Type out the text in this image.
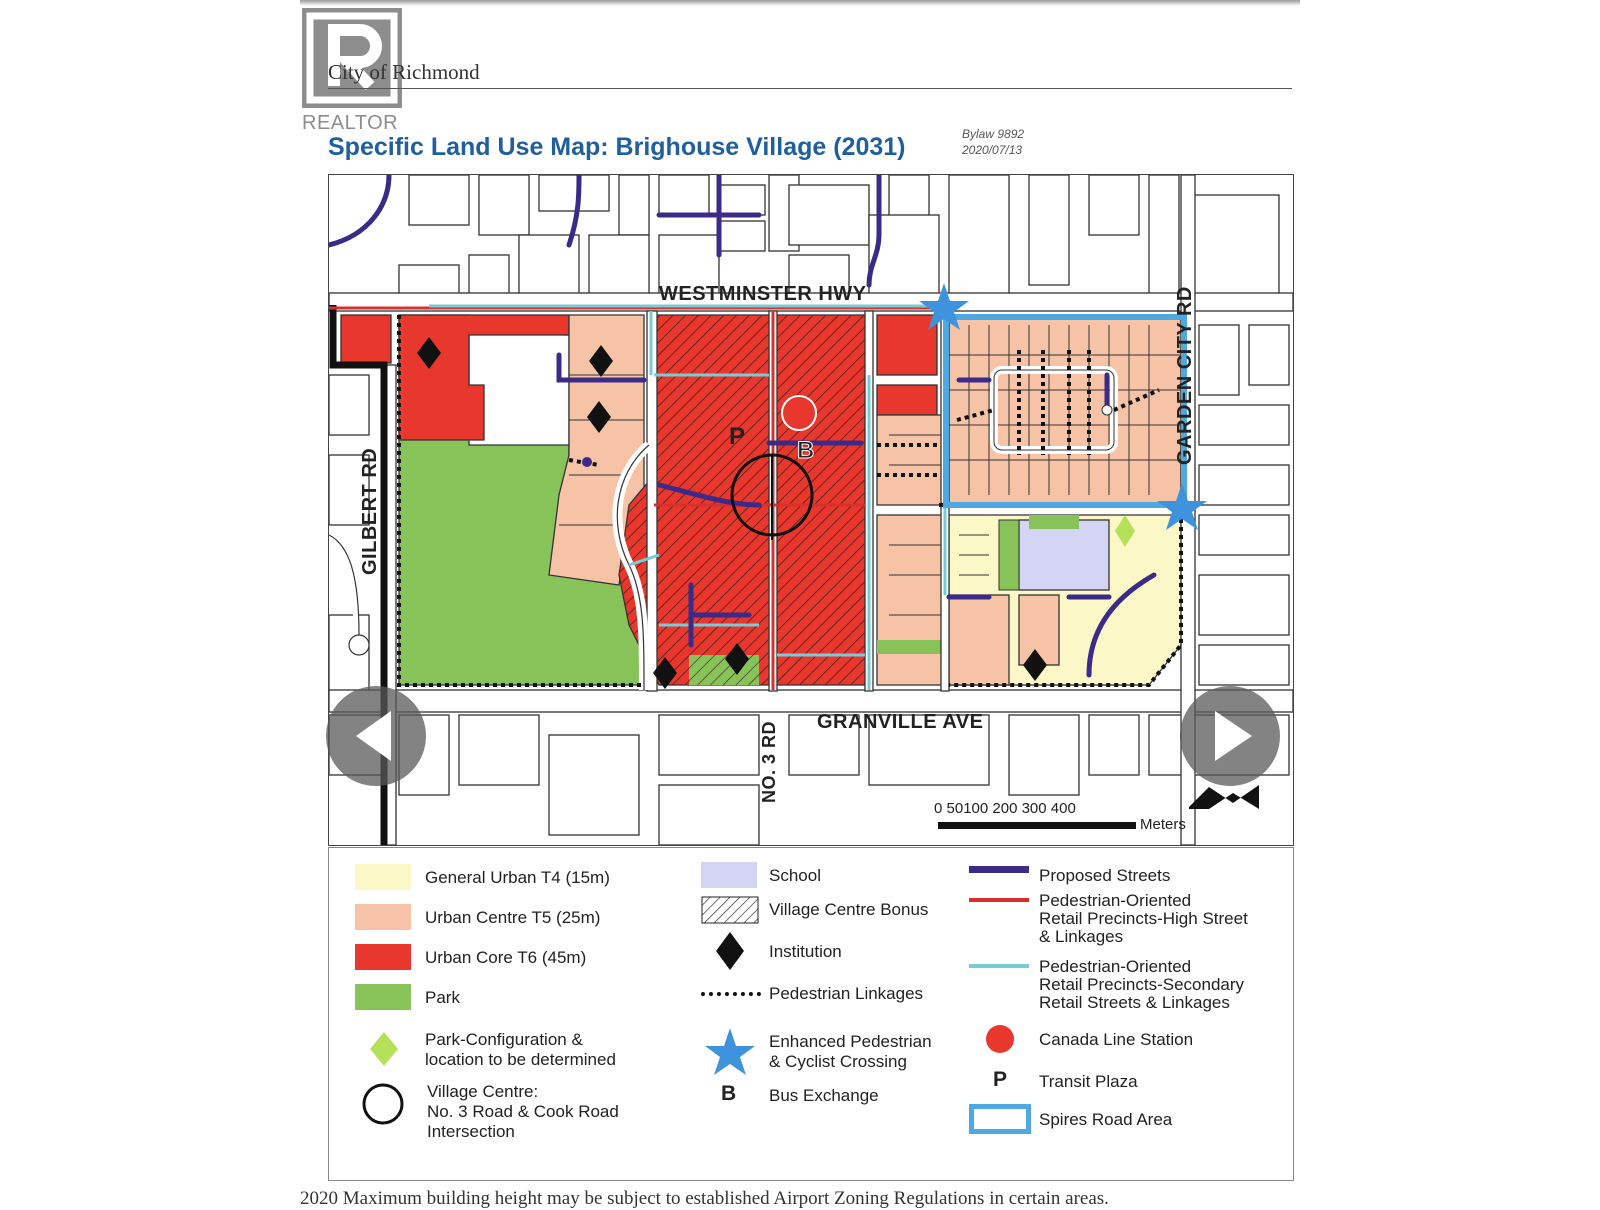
REALTOR
City of Richmond
Specific Land Use Map: Brighouse Village (2031)	Bylaw 9892
2020/07/13
WESTMINSTER HWY
GRANVILLE AVE
GARDEN CITY RD
GILBERT RD
NO. 3 RD
P
B
0 50100 200 300 400
Meters
General Urban T4 (15m)
Urban Centre T5 (25m)
Urban Core T6 (45m)
Park
Park-Configuration &
location to be determined
Village Centre:
No. 3 Road & Cook Road
Intersection
School
Village Centre Bonus
Institution
Pedestrian Linkages
Enhanced Pedestrian
& Cyclist Crossing
B Bus Exchange
Proposed Streets
Pedestrian-Oriented
Retail Precincts-High Street
& Linkages
Pedestrian-Oriented
Retail Precincts-Secondary
Retail Streets & Linkages
Canada Line Station
P Transit Plaza
Spires Road Area
2020 Maximum building height may be subject to established Airport Zoning Regulations in certain areas.
